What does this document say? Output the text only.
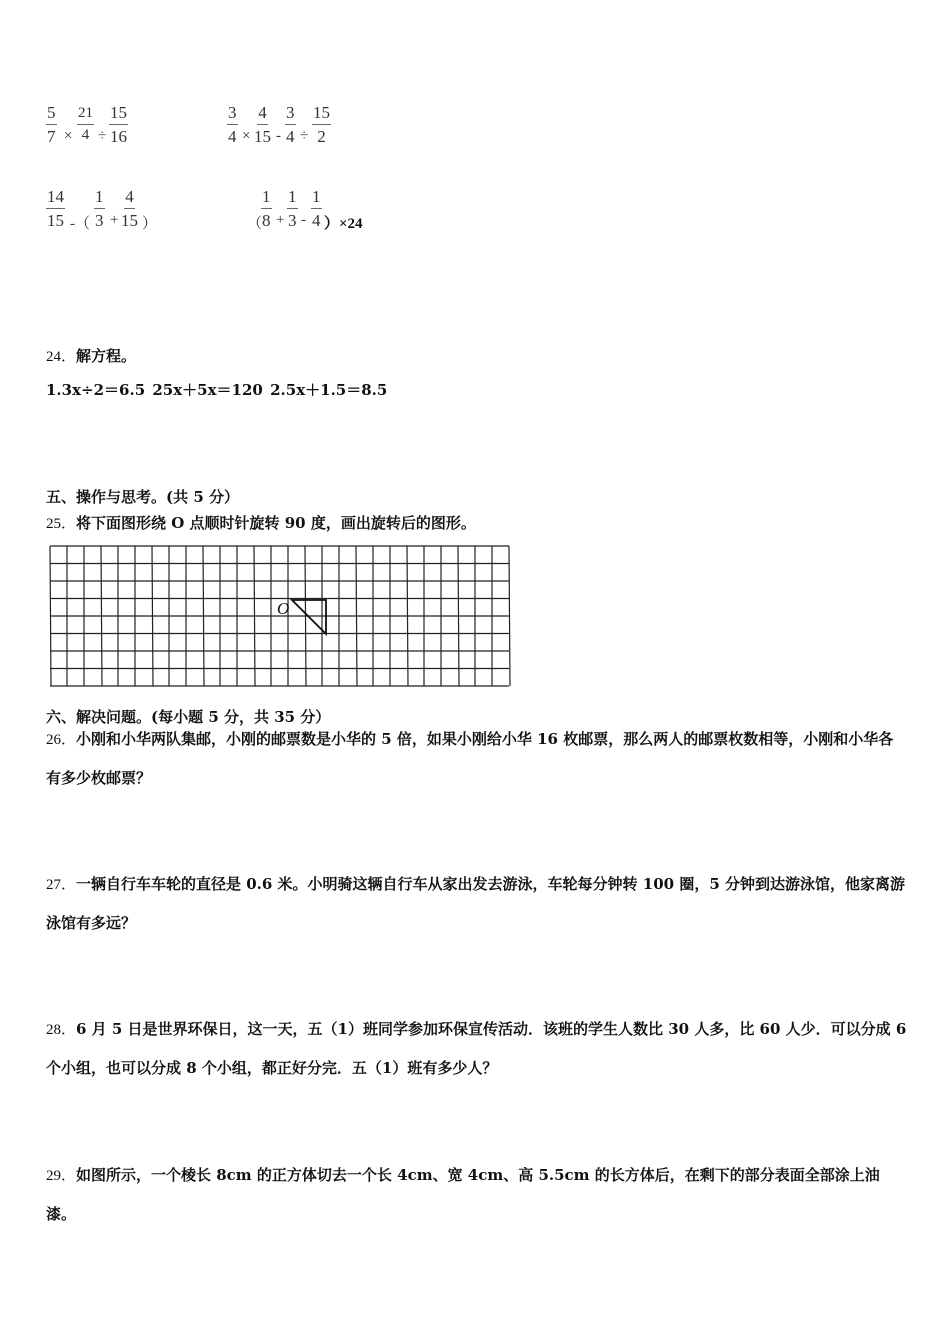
$\frac{5}{7} \times \frac{21}{4} \div \frac{15}{16}$	$\frac{3}{4} \times \frac{4}{15} - \frac{3}{4} \div \frac{15}{2}$
$\frac{14}{15}$ -（ $\frac{1}{3} + \frac{4}{15}$ ）	（
$\frac{1}{8} + \frac{1}{3} - \frac{1}{4} )\times 24$
24．解方程。
1.3x÷2＝6.5 25x＋5x＝120 2.5x＋1.5＝8.5
五、操作与思考。(共 5 分）
25．将下面图形绕 O 点顺时针旋转 90 度，画出旋转后的图形。
O
六、解决问题。(每小题 5 分，共 35 分）
26．小刚和小华两队集邮，小刚的邮票数是小华的 5 倍，如果小刚给小华 16 枚邮票，那么两人的邮票枚数相等，小刚和小华各有多少枚邮票？
27．一辆自行车车轮的直径是 0.6 米。小明骑这辆自行车从家出发去游泳，车轮每分钟转 100 圈，5 分钟到达游泳馆，他家离游泳馆有多远？
28．6 月 5 日是世界环保日，这一天，五（1）班同学参加环保宣传活动．该班的学生人数比 30 人多，比 60 人少．可以分成 6 个小组，也可以分成 8 个小组，都正好分完．五（1）班有多少人？
29．如图所示，一个棱长 8cm 的正方体切去一个长 4cm、宽 4cm、高 5.5cm 的长方体后，在剩下的部分表面全部涂上油漆。
